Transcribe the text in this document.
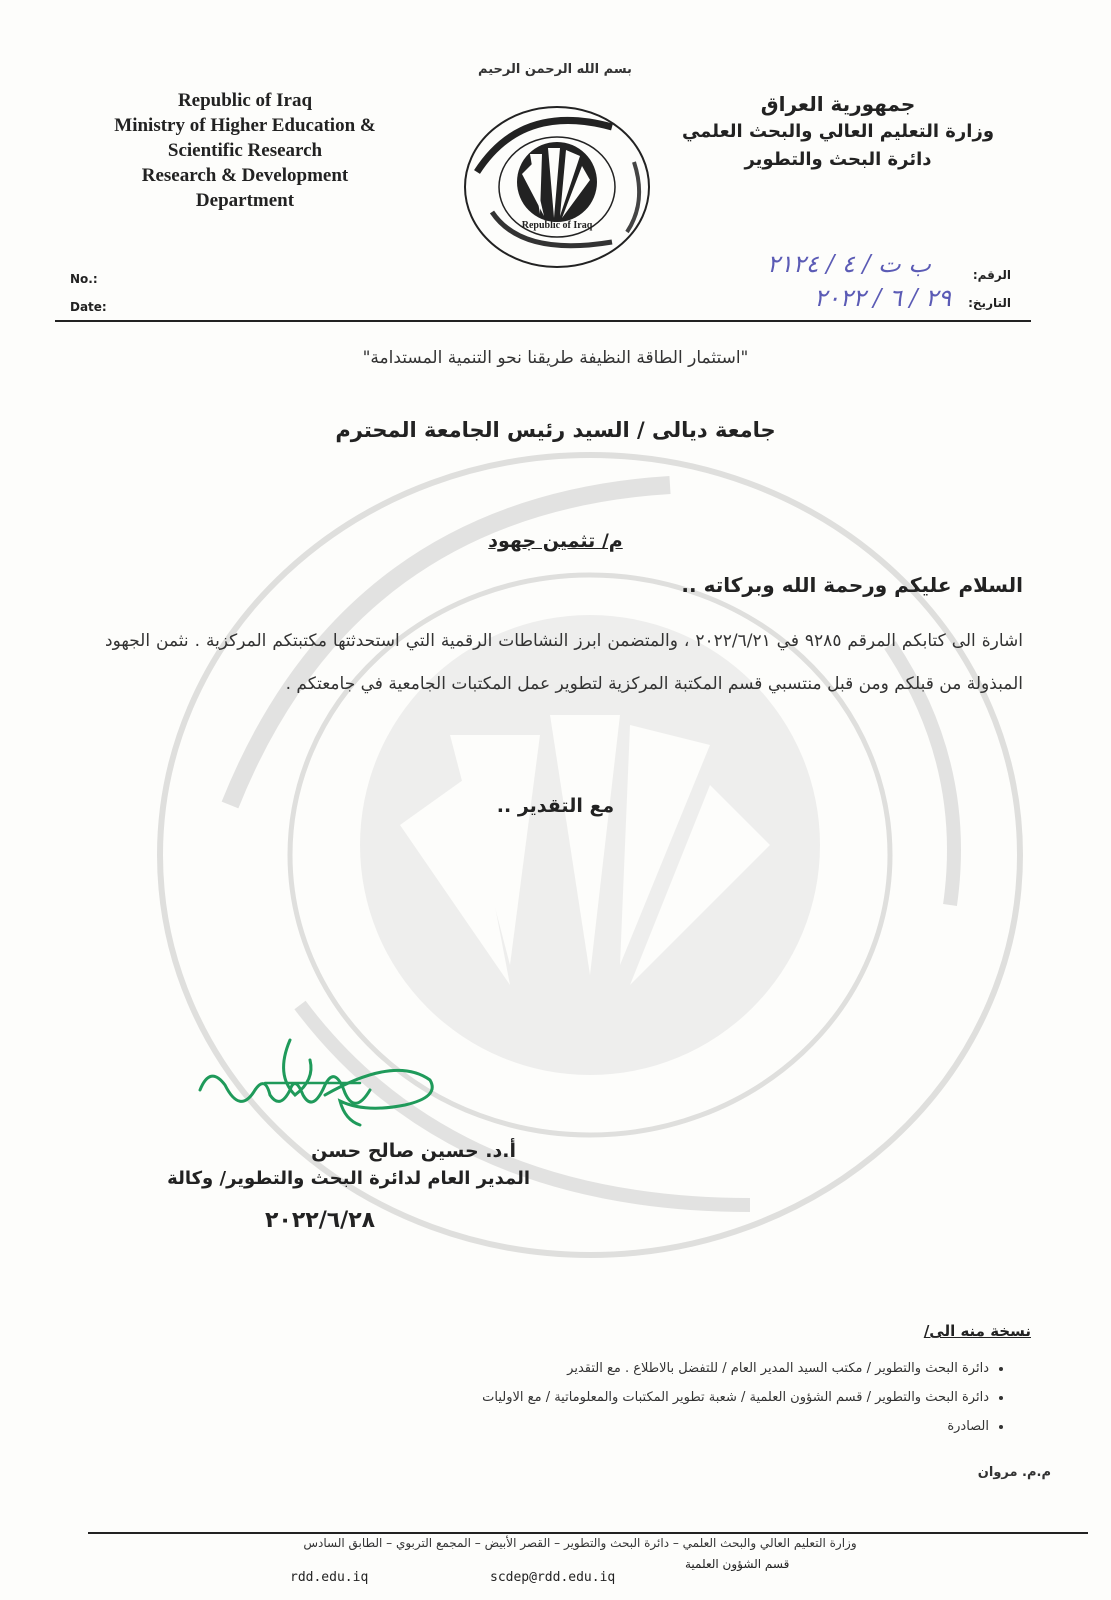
Republic of Iraq
Ministry of Higher Education &
Scientific Research
Research & Development
Department
بسم الله الرحمن الرحيم
Republic of Iraq
جمهورية العراق
وزارة التعليم العالي والبحث العلمي
دائرة البحث والتطوير
No.:
Date:
الرقم:
التاريخ:
ب ت / ٤ / ٢١٢٤
٢٩ / ٦ / ٢٠٢٢
"استثمار الطاقة النظيفة طريقنا نحو التنمية المستدامة"
جامعة ديالى / السيد رئيس الجامعة المحترم
م/ تثمين جهود
السلام عليكم ورحمة الله وبركاته ..
اشارة الى كتابكم المرقم ٩٢٨٥ في ٢٠٢٢/٦/٢١ ، والمتضمن ابرز النشاطات الرقمية التي استحدثتها مكتبتكم المركزية . نثمن الجهود المبذولة من قبلكم ومن قبل منتسبي قسم المكتبة المركزية لتطوير عمل المكتبات الجامعية في جامعتكم .
مع التقدير ..
أ.د. حسين صالح حسن
المدير العام لدائرة البحث والتطوير/ وكالة
٢٠٢٢/٦/٢٨
نسخة منه الى/
• دائرة البحث والتطوير / مكتب السيد المدير العام / للتفضل بالاطلاع . مع التقدير
• دائرة البحث والتطوير / قسم الشؤون العلمية / شعبة تطوير المكتبات والمعلوماتية / مع الاوليات
• الصادرة
م.م. مروان
وزارة التعليم العالي والبحث العلمي – دائرة البحث والتطوير – القصر الأبيض – المجمع التربوي – الطابق السادس
rdd.edu.iq	scdep@rdd.edu.iq
قسم الشؤون العلمية
